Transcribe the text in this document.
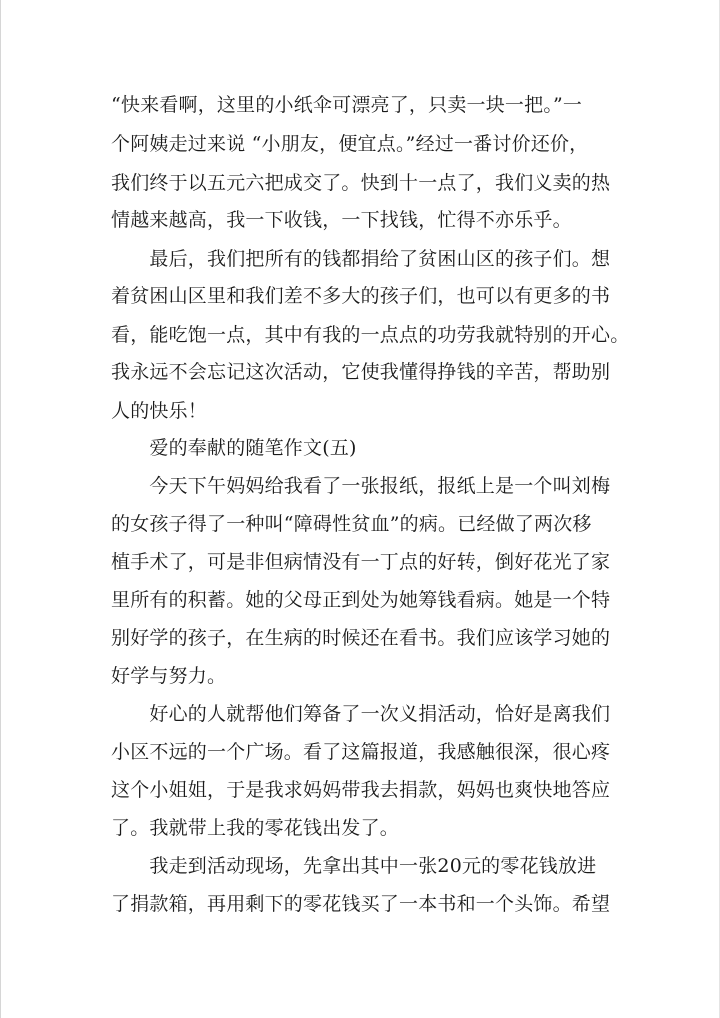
“快来看啊，这里的小纸伞可漂亮了，只卖一块一把。”一
个阿姨走过来说 “小朋友，便宜点。”经过一番讨价还价，
我们终于以五元六把成交了。快到十一点了，我们义卖的热
情越来越高，我一下收钱，一下找钱，忙得不亦乐乎。
　　最后，我们把所有的钱都捐给了贫困山区的孩子们。想
着贫困山区里和我们差不多大的孩子们，也可以有更多的书
看，能吃饱一点，其中有我的一点点的功劳我就特别的开心。
我永远不会忘记这次活动，它使我懂得挣钱的辛苦，帮助别
人的快乐！
　　爱的奉献的随笔作文(五)
　　今天下午妈妈给我看了一张报纸，报纸上是一个叫刘梅
的女孩子得了一种叫“障碍性贫血”的病。已经做了两次移
植手术了，可是非但病情没有一丁点的好转，倒好花光了家
里所有的积蓄。她的父母正到处为她筹钱看病。她是一个特
别好学的孩子，在生病的时候还在看书。我们应该学习她的
好学与努力。
　　好心的人就帮他们筹备了一次义捐活动，恰好是离我们
小区不远的一个广场。看了这篇报道，我感触很深，很心疼
这个小姐姐，于是我求妈妈带我去捐款，妈妈也爽快地答应
了。我就带上我的零花钱出发了。
　　我走到活动现场，先拿出其中一张20元的零花钱放进
了捐款箱，再用剩下的零花钱买了一本书和一个头饰。希望
